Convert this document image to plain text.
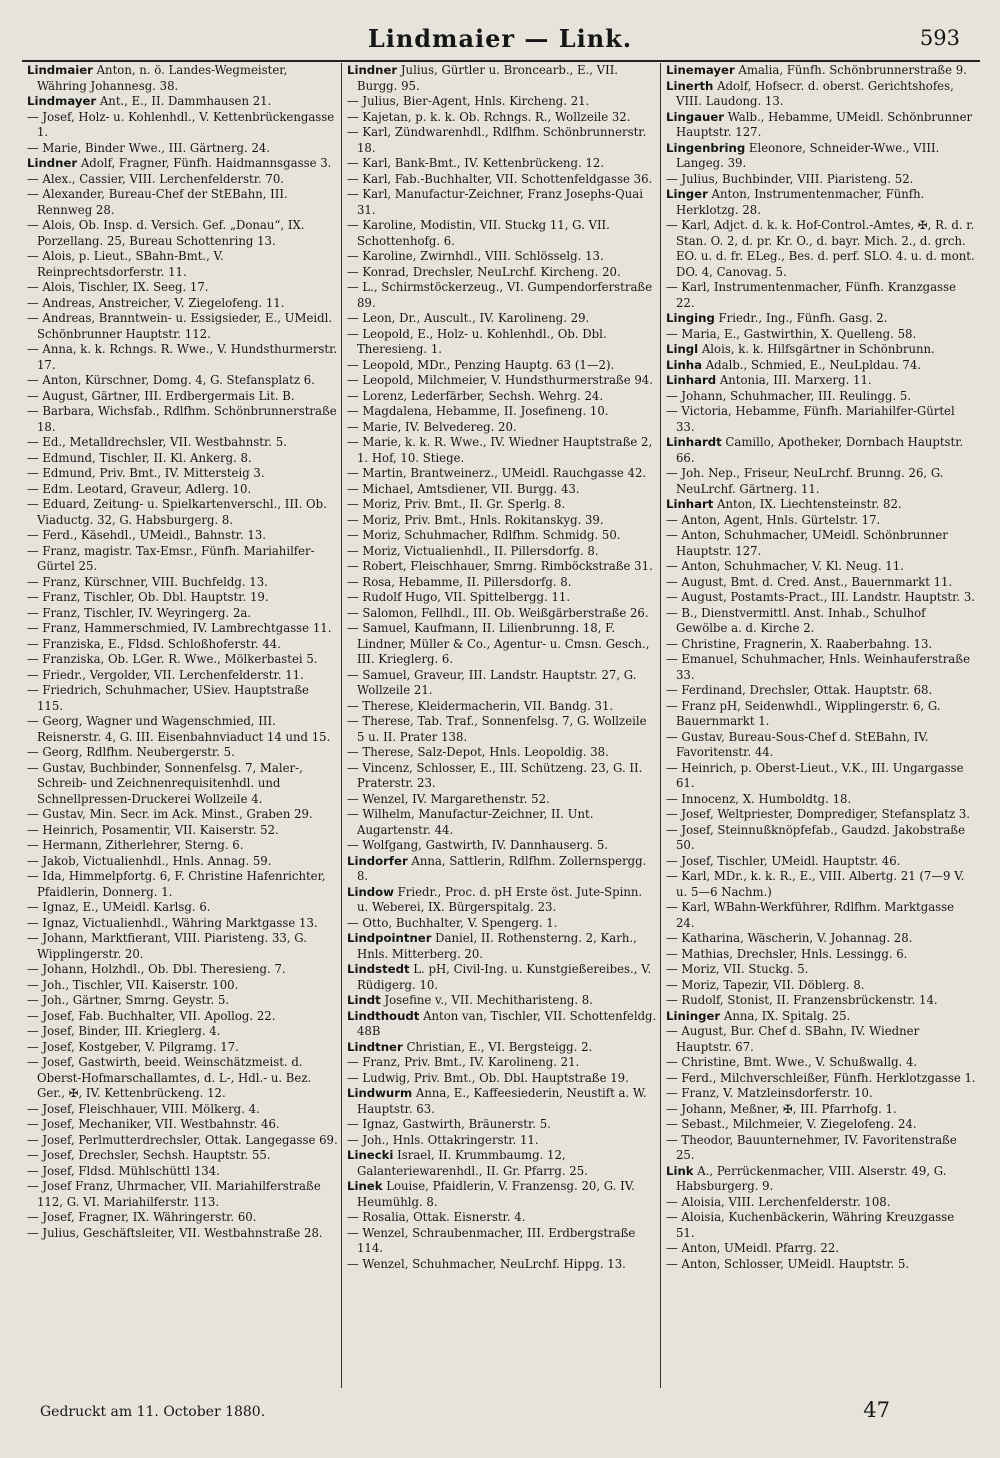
Lindmaier — Link.	593

Lindmaier Anton, n. ö. Landes-Wegmeister, Währing Johannesg. 38.

Lindmayer Ant., E., II. Dammhausen 21.

— Josef, Holz- u. Kohlenhdl., V. Kettenbrückengasse 1.

— Marie, Binder Wwe., III. Gärtnerg. 24.

Lindner Adolf, Fragner, Fünfh. Haidmannsgasse 3.

— Alex., Cassier, VIII. Lerchenfelderstr. 70.

— Alexander, Bureau-Chef der StEBahn, III. Rennweg 28.

— Alois, Ob. Insp. d. Versich. Gef. „Donau“, IX. Porzellang. 25, Bureau Schottenring 13.

— Alois, p. Lieut., SBahn-Bmt., V. Reinprechtsdorferstr. 11.

— Alois, Tischler, IX. Seeg. 17.

— Andreas, Anstreicher, V. Ziegelofeng. 11.

— Andreas, Branntwein- u. Essigsieder, E., UMeidl. Schönbrunner Hauptstr. 112.

— Anna, k. k. Rchngs. R. Wwe., V. Hundsthurmerstr. 17.

— Anton, Kürschner, Domg. 4, G. Stefansplatz 6.

— August, Gärtner, III. Erdbergermais Lit. B.

— Barbara, Wichsfab., Rdlfhm. Schönbrunnerstraße 18.

— Ed., Metalldrechsler, VII. Westbahnstr. 5.

— Edmund, Tischler, II. Kl. Ankerg. 8.

— Edmund, Priv. Bmt., IV. Mittersteig 3.

— Edm. Leotard, Graveur, Adlerg. 10.

— Eduard, Zeitung- u. Spielkartenverschl., III. Ob. Viaductg. 32, G. Habsburgerg. 8.

— Ferd., Käsehdl., UMeidl., Bahnstr. 13.

— Franz, magistr. Tax-Emsr., Fünfh. Mariahilfer-Gürtel 25.

— Franz, Kürschner, VIII. Buchfeldg. 13.

— Franz, Tischler, Ob. Dbl. Hauptstr. 19.

— Franz, Tischler, IV. Weyringerg. 2a.

— Franz, Hammerschmied, IV. Lambrechtgasse 11.

— Franziska, E., Fldsd. Schloßhoferstr. 44.

— Franziska, Ob. LGer. R. Wwe., Mölkerbastei 5.

— Friedr., Vergolder, VII. Lerchenfelderstr. 11.

— Friedrich, Schuhmacher, USiev. Hauptstraße 115.

— Georg, Wagner und Wagenschmied, III. Reisnerstr. 4, G. III. Eisenbahnviaduct 14 und 15.

— Georg, Rdlfhm. Neubergerstr. 5.

— Gustav, Buchbinder, Sonnenfelsg. 7, Maler-, Schreib- und Zeichnenrequisitenhdl. und Schnellpressen-Druckerei Wollzeile 4.

— Gustav, Min. Secr. im Ack. Minst., Graben 29.

— Heinrich, Posamentir, VII. Kaiserstr. 52.

— Hermann, Zitherlehrer, Sterng. 6.

— Jakob, Victualienhdl., Hnls. Annag. 59.

— Ida, Himmelpfortg. 6, F. Christine Hafenrichter, Pfaidlerin, Donnerg. 1.

— Ignaz, E., UMeidl. Karlsg. 6.

— Ignaz, Victualienhdl., Währing Marktgasse 13.

— Johann, Marktfierant, VIII. Piaristeng. 33, G. Wipplingerstr. 20.

— Johann, Holzhdl., Ob. Dbl. Theresieng. 7.

— Joh., Tischler, VII. Kaiserstr. 100.

— Joh., Gärtner, Smrng. Geystr. 5.

— Josef, Fab. Buchhalter, VII. Apollog. 22.

— Josef, Binder, III. Krieglerg. 4.

— Josef, Kostgeber, V. Pilgramg. 17.

— Josef, Gastwirth, beeid. Weinschätzmeist. d. Oberst-Hofmarschallamtes, d. L-, Hdl.- u. Bez. Ger., ✠, IV. Kettenbrückeng. 12.

— Josef, Fleischhauer, VIII. Mölkerg. 4.

— Josef, Mechaniker, VII. Westbahnstr. 46.

— Josef, Perlmutterdrechsler, Ottak. Langegasse 69.

— Josef, Drechsler, Sechsh. Hauptstr. 55.

— Josef, Fldsd. Mühlschüttl 134.

— Josef Franz, Uhrmacher, VII. Mariahilferstraße 112, G. VI. Mariahilferstr. 113.

— Josef, Fragner, IX. Währingerstr. 60.

— Julius, Geschäftsleiter, VII. Westbahnstraße 28.

Lindner Julius, Gürtler u. Broncearb., E., VII. Burgg. 95.

— Julius, Bier-Agent, Hnls. Kircheng. 21.

— Kajetan, p. k. k. Ob. Rchngs. R., Wollzeile 32.

— Karl, Zündwarenhdl., Rdlfhm. Schönbrunnerstr. 18.

— Karl, Bank-Bmt., IV. Kettenbrückeng. 12.

— Karl, Fab.-Buchhalter, VII. Schottenfeldgasse 36.

— Karl, Manufactur-Zeichner, Franz Josephs-Quai 31.

— Karoline, Modistin, VII. Stuckg 11, G. VII. Schottenhofg. 6.

— Karoline, Zwirnhdl., VIII. Schlösselg. 13.

— Konrad, Drechsler, NeuLrchf. Kircheng. 20.

— L., Schirmstöckerzeug., VI. Gumpendorferstraße 89.

— Leon, Dr., Auscult., IV. Karolineng. 29.

— Leopold, E., Holz- u. Kohlenhdl., Ob. Dbl. Theresieng. 1.

— Leopold, MDr., Penzing Hauptg. 63 (1—2).

— Leopold, Milchmeier, V. Hundsthurmerstraße 94.

— Lorenz, Lederfärber, Sechsh. Wehrg. 24.

— Magdalena, Hebamme, II. Josefineng. 10.

— Marie, IV. Belvedereg. 20.

— Marie, k. k. R. Wwe., IV. Wiedner Hauptstraße 2, 1. Hof, 10. Stiege.

— Martin, Brantweinerz., UMeidl. Rauchgasse 42.

— Michael, Amtsdiener, VII. Burgg. 43.

— Moriz, Priv. Bmt., II. Gr. Sperlg. 8.

— Moriz, Priv. Bmt., Hnls. Rokitanskyg. 39.

— Moriz, Schuhmacher, Rdlfhm. Schmidg. 50.

— Moriz, Victualienhdl., II. Pillersdorfg. 8.

— Robert, Fleischhauer, Smrng. Rimböckstraße 31.

— Rosa, Hebamme, II. Pillersdorfg. 8.

— Rudolf Hugo, VII. Spittelbergg. 11.

— Salomon, Fellhdl., III. Ob. Weißgärberstraße 26.

— Samuel, Kaufmann, II. Lilienbrunng. 18, F. Lindner, Müller & Co., Agentur- u. Cmsn. Gesch., III. Krieglerg. 6.

— Samuel, Graveur, III. Landstr. Hauptstr. 27, G. Wollzeile 21.

— Therese, Kleidermacherin, VII. Bandg. 31.

— Therese, Tab. Traf., Sonnenfelsg. 7, G. Wollzeile 5 u. II. Prater 138.

— Therese, Salz-Depot, Hnls. Leopoldig. 38.

— Vincenz, Schlosser, E., III. Schützeng. 23, G. II. Praterstr. 23.

— Wenzel, IV. Margarethenstr. 52.

— Wilhelm, Manufactur-Zeichner, II. Unt. Augartenstr. 44.

— Wolfgang, Gastwirth, IV. Dannhauserg. 5.

Lindorfer Anna, Sattlerin, Rdlfhm. Zollernspergg. 8.

Lindow Friedr., Proc. d. pH Erste öst. Jute-Spinn. u. Weberei, IX. Bürgerspitalg. 23.

— Otto, Buchhalter, V. Spengerg. 1.

Lindpointner Daniel, II. Rothensterng. 2, Karh., Hnls. Mitterberg. 20.

Lindstedt L. pH, Civil-Ing. u. Kunstgießereibes., V. Rüdigerg. 10.

Lindt Josefine v., VII. Mechitharisteng. 8.

Lindthoudt Anton van, Tischler, VII. Schottenfeldg. 48B

Lindtner Christian, E., VI. Bergsteigg. 2.

— Franz, Priv. Bmt., IV. Karolineng. 21.

— Ludwig, Priv. Bmt., Ob. Dbl. Hauptstraße 19.

Lindwurm Anna, E., Kaffeesiederin, Neustift a. W. Hauptstr. 63.

— Ignaz, Gastwirth, Bräunerstr. 5.

— Joh., Hnls. Ottakringerstr. 11.

Linecki Israel, II. Krummbaumg. 12, Galanteriewarenhdl., II. Gr. Pfarrg. 25.

Linek Louise, Pfaidlerin, V. Franzensg. 20, G. IV. Heumühlg. 8.

— Rosalia, Ottak. Eisnerstr. 4.

— Wenzel, Schraubenmacher, III. Erdbergstraße 114.

— Wenzel, Schuhmacher, NeuLrchf. Hippg. 13.

Linemayer Amalia, Fünfh. Schönbrunnerstraße 9.

Linerth Adolf, Hofsecr. d. oberst. Gerichtshofes, VIII. Laudong. 13.

Lingauer Walb., Hebamme, UMeidl. Schönbrunner Hauptstr. 127.

Lingenbring Eleonore, Schneider-Wwe., VIII. Langeg. 39.

— Julius, Buchbinder, VIII. Piaristeng. 52.

Linger Anton, Instrumentenmacher, Fünfh. Herklotzg. 28.

— Karl, Adjct. d. k. k. Hof-Control.-Amtes, ✠, R. d. r. Stan. O. 2, d. pr. Kr. O., d. bayr. Mich. 2., d. grch. EO. u. d. fr. ELeg., Bes. d. perf. SLO. 4. u. d. mont. DO. 4, Canovag. 5.

— Karl, Instrumentenmacher, Fünfh. Kranzgasse 22.

Linging Friedr., Ing., Fünfh. Gasg. 2.

— Maria, E., Gastwirthin, X. Quelleng. 58.

Lingl Alois, k. k. Hilfsgärtner in Schönbrunn.

Linha Adalb., Schmied, E., NeuLpldau. 74.

Linhard Antonia, III. Marxerg. 11.

— Johann, Schuhmacher, III. Reulingg. 5.

— Victoria, Hebamme, Fünfh. Mariahilfer-Gürtel 33.

Linhardt Camillo, Apotheker, Dornbach Hauptstr. 66.

— Joh. Nep., Friseur, NeuLrchf. Brunng. 26, G. NeuLrchf. Gärtnerg. 11.

Linhart Anton, IX. Liechtensteinstr. 82.

— Anton, Agent, Hnls. Gürtelstr. 17.

— Anton, Schuhmacher, UMeidl. Schönbrunner Hauptstr. 127.

— Anton, Schuhmacher, V. Kl. Neug. 11.

— August, Bmt. d. Cred. Anst., Bauernmarkt 11.

— August, Postamts-Pract., III. Landstr. Hauptstr. 3.

— B., Dienstvermittl. Anst. Inhab., Schulhof Gewölbe a. d. Kirche 2.

— Christine, Fragnerin, X. Raaberbahng. 13.

— Emanuel, Schuhmacher, Hnls. Weinhauferstraße 33.

— Ferdinand, Drechsler, Ottak. Hauptstr. 68.

— Franz pH, Seidenwhdl., Wipplingerstr. 6, G. Bauernmarkt 1.

— Gustav, Bureau-Sous-Chef d. StEBahn, IV. Favoritenstr. 44.

— Heinrich, p. Oberst-Lieut., V.K., III. Ungargasse 61.

— Innocenz, X. Humboldtg. 18.

— Josef, Weltpriester, Domprediger, Stefansplatz 3.

— Josef, Steinnußknöpfefab., Gaudzd. Jakobstraße 50.

— Josef, Tischler, UMeidl. Hauptstr. 46.

— Karl, MDr., k. k. R., E., VIII. Albertg. 21 (7—9 V. u. 5—6 Nachm.)

— Karl, WBahn-Werkführer, Rdlfhm. Marktgasse 24.

— Katharina, Wäscherin, V. Johannag. 28.

— Mathias, Drechsler, Hnls. Lessingg. 6.

— Moriz, VII. Stuckg. 5.

— Moriz, Tapezir, VII. Döblerg. 8.

— Rudolf, Stonist, II. Franzensbrückenstr. 14.

Lininger Anna, IX. Spitalg. 25.

— August, Bur. Chef d. SBahn, IV. Wiedner Hauptstr. 67.

— Christine, Bmt. Wwe., V. Schußwallg. 4.

— Ferd., Milchverschleißer, Fünfh. Herklotzgasse 1.

— Franz, V. Matzleinsdorferstr. 10.

— Johann, Meßner, ✠, III. Pfarrhofg. 1.

— Sebast., Milchmeier, V. Ziegelofeng. 24.

— Theodor, Bauunternehmer, IV. Favoritenstraße 25.

Link A., Perrückenmacher, VIII. Alserstr. 49, G. Habsburgerg. 9.

— Aloisia, VIII. Lerchenfelderstr. 108.

— Aloisia, Kuchenbäckerin, Währing Kreuzgasse 51.

— Anton, UMeidl. Pfarrg. 22.

— Anton, Schlosser, UMeidl. Hauptstr. 5.

Gedruckt am 11. October 1880.	47
